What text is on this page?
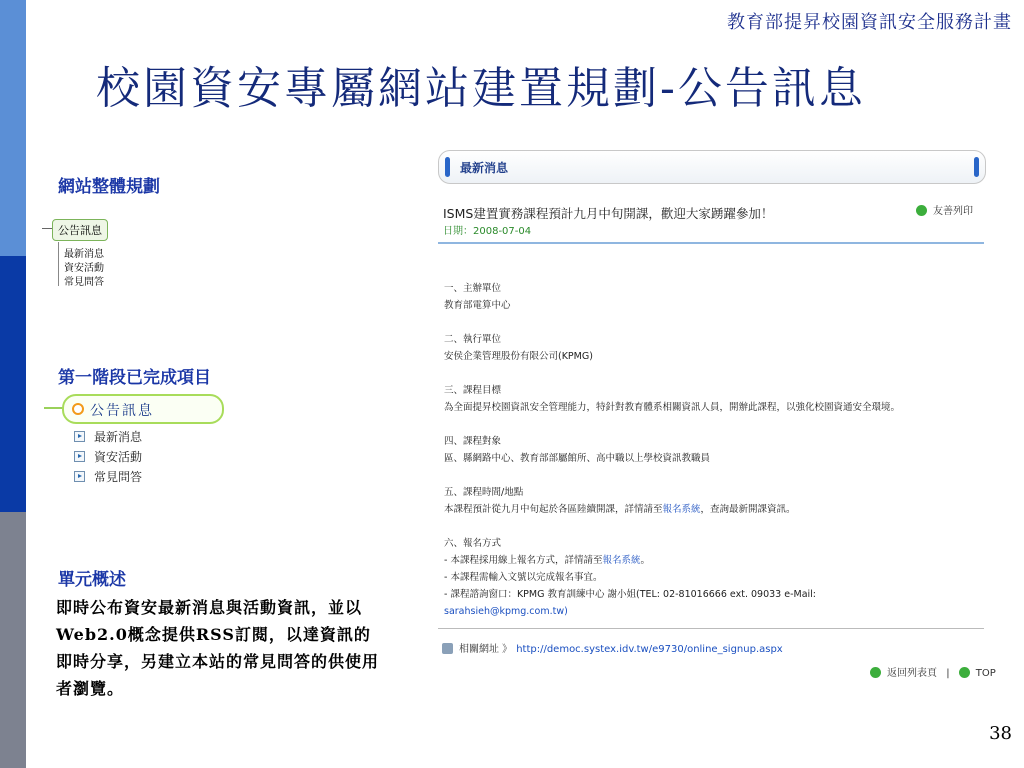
教育部提昇校園資訊安全服務計畫
校園資安專屬網站建置規劃-公告訊息
網站整體規劃
公告訊息
最新消息
資安活動
常見問答
第一階段已完成項目
公告訊息
最新消息
資安活動
常見問答
單元概述
即時公布資安最新消息與活動資訊，並以Web2.0概念提供RSS訂閱，以達資訊的即時分享，另建立本站的常見問答的供使用者瀏覽。
最新消息
ISMS建置實務課程預計九月中旬開課，歡迎大家踴躍參加！
日期：2008-07-04
友善列印
一、主辦單位
教育部電算中心
二、執行單位
安侯企業管理股份有限公司(KPMG)
三、課程目標
為全面提昇校園資訊安全管理能力，特針對教育體系相關資訊人員，開辦此課程，以強化校園資通安全環境。
四、課程對象
區、縣網路中心、教育部部屬館所、高中職以上學校資訊教職員
五、課程時間/地點
本課程預計從九月中旬起於各區陸續開課，詳情請至報名系統，查詢最新開課資訊。
六、報名方式
- 本課程採用線上報名方式，詳情請至報名系統。
- 本課程需輸入文號以完成報名事宜。
- 課程諮詢窗口：KPMG 教育訓練中心 謝小姐(TEL: 02-81016666 ext. 09033 e-Mail:
sarahsieh@kpmg.com.tw)
相關網址 》 http://democ.systex.idv.tw/e9730/online_signup.aspx
返回列表頁 |	TOP
38
